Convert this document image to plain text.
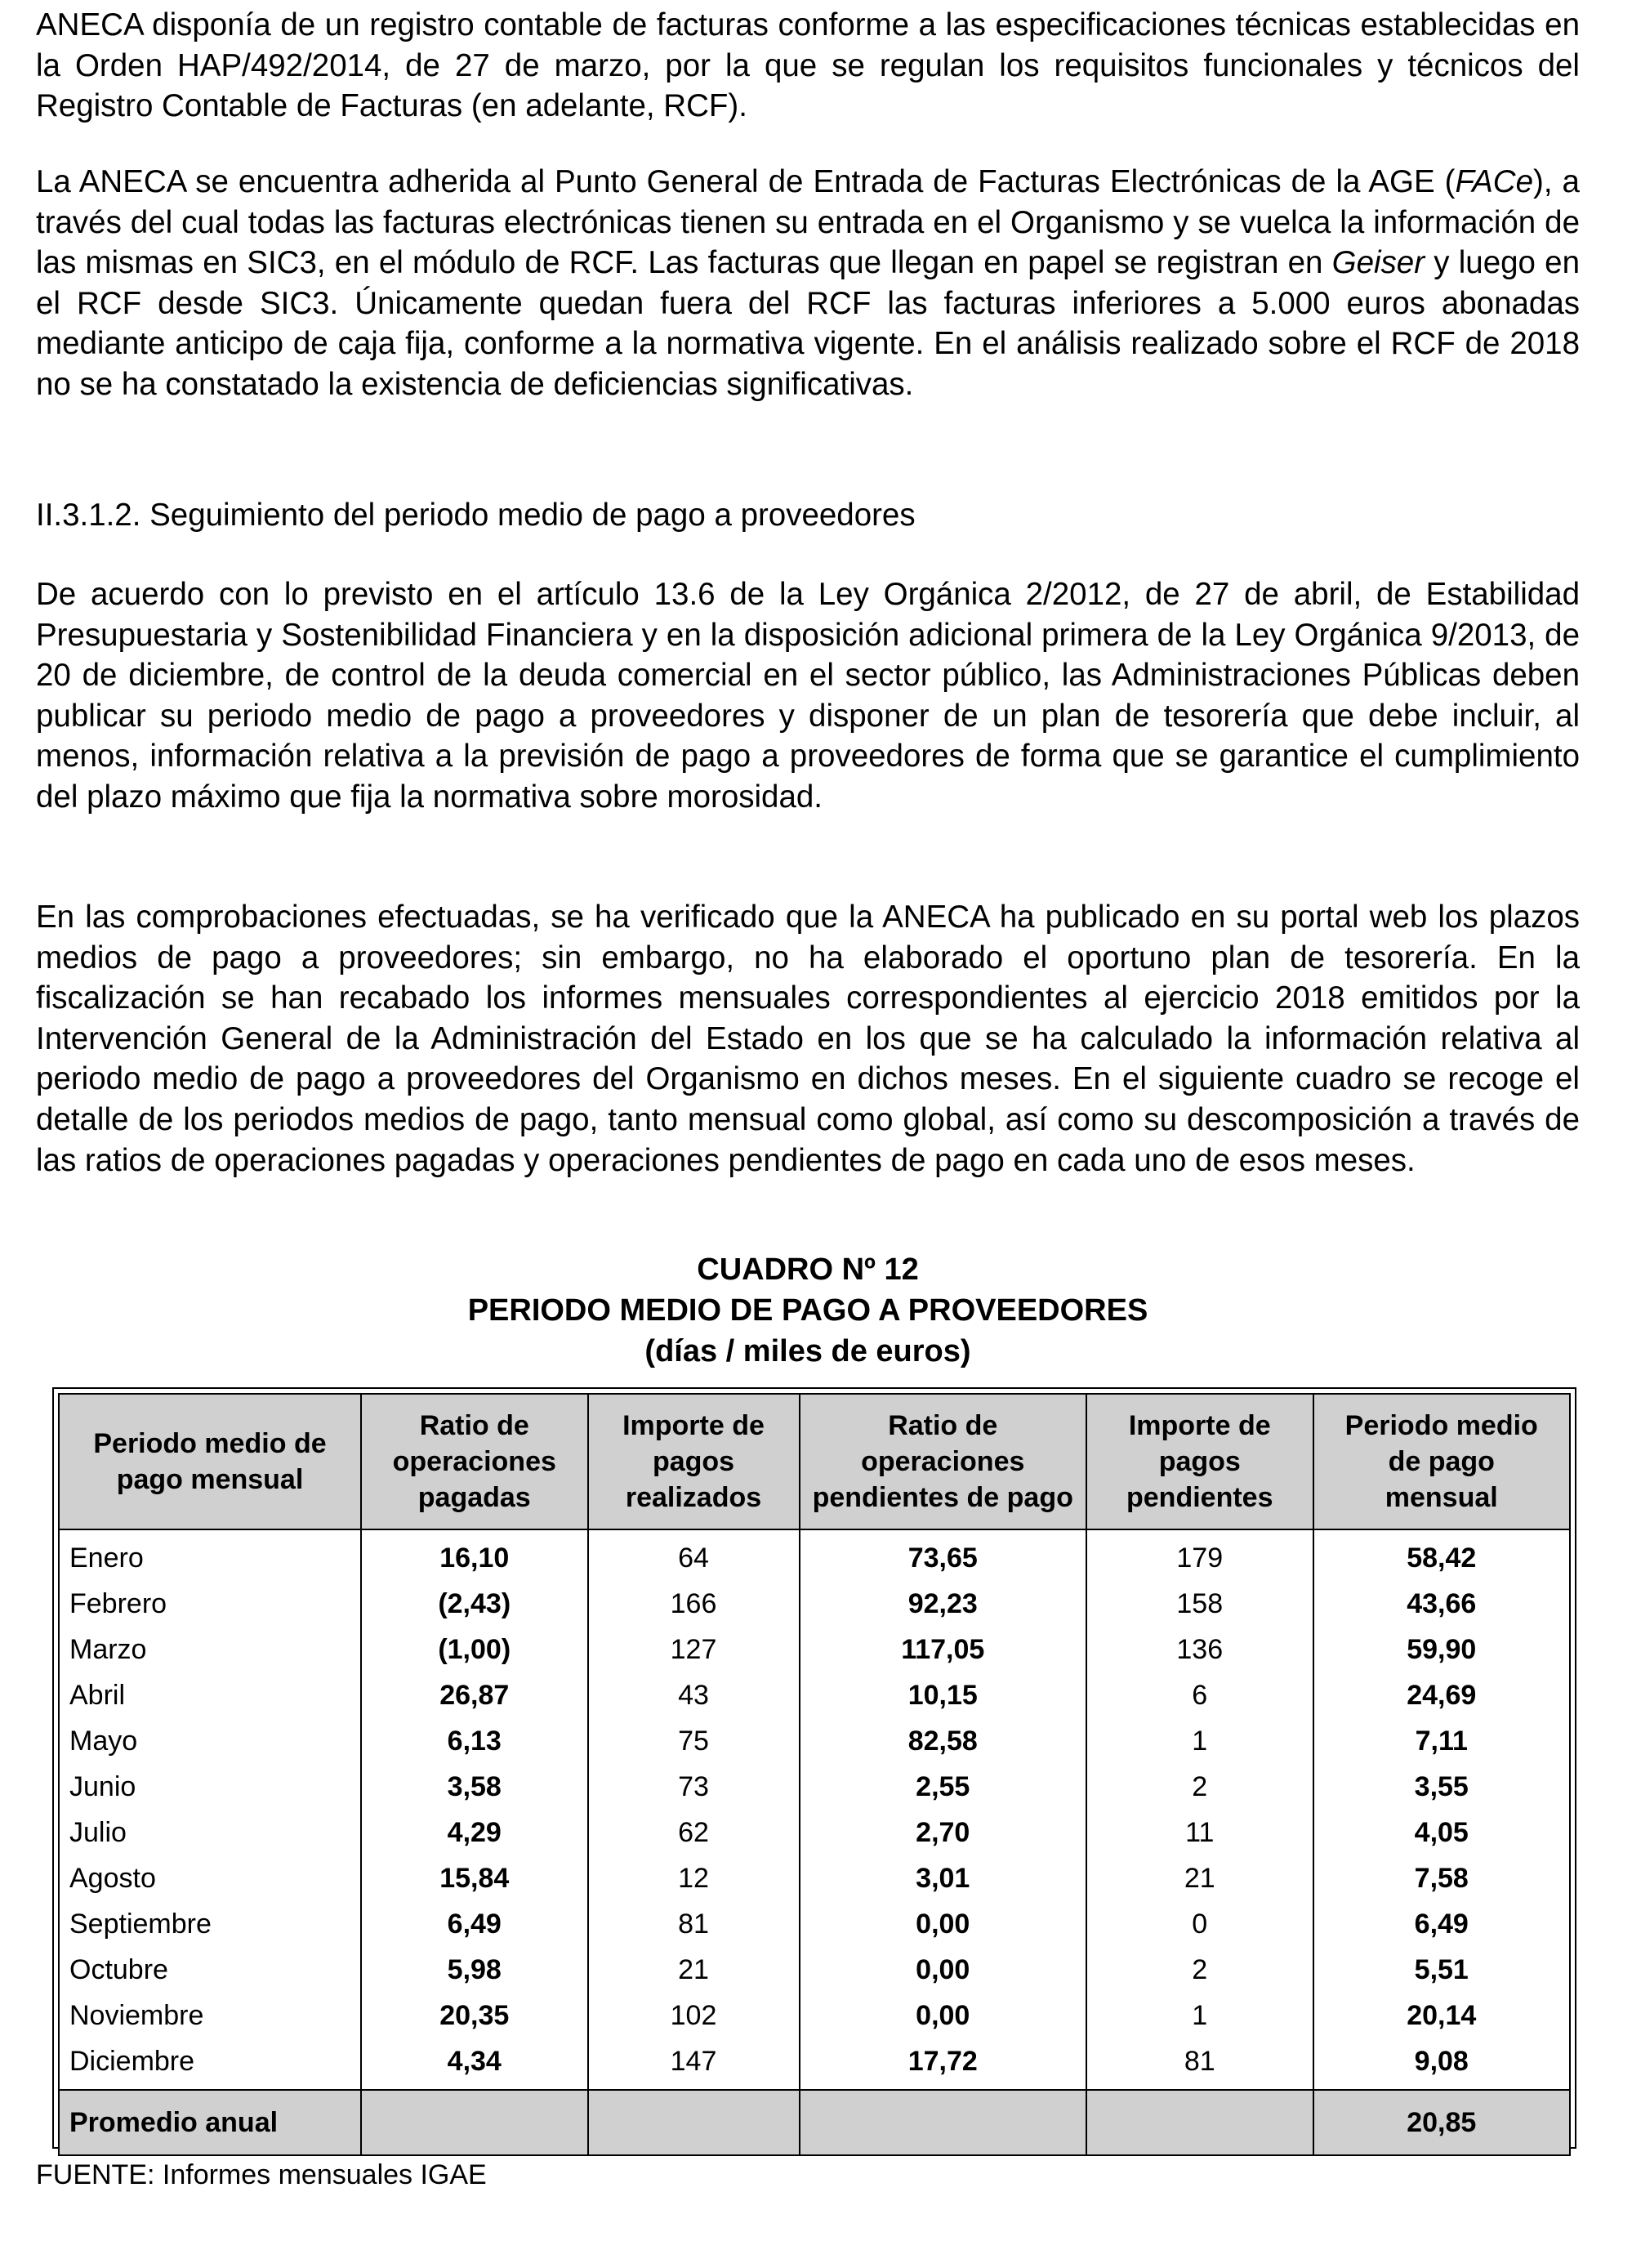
ANECA disponía de un registro contable de facturas conforme a las especificaciones técnicas establecidas en la Orden HAP/492/2014, de 27 de marzo, por la que se regulan los requisitos funcionales y técnicos del Registro Contable de Facturas (en adelante, RCF).

La ANECA se encuentra adherida al Punto General de Entrada de Facturas Electrónicas de la AGE (FACe), a través del cual todas las facturas electrónicas tienen su entrada en el Organismo y se vuelca la información de las mismas en SIC3, en el módulo de RCF. Las facturas que llegan en papel se registran en Geiser y luego en el RCF desde SIC3. Únicamente quedan fuera del RCF las facturas inferiores a 5.000 euros abonadas mediante anticipo de caja fija, conforme a la normativa vigente. En el análisis realizado sobre el RCF de 2018 no se ha constatado la existencia de deficiencias significativas.

II.3.1.2. Seguimiento del periodo medio de pago a proveedores

De acuerdo con lo previsto en el artículo 13.6 de la Ley Orgánica 2/2012, de 27 de abril, de Estabilidad Presupuestaria y Sostenibilidad Financiera y en la disposición adicional primera de la Ley Orgánica 9/2013, de 20 de diciembre, de control de la deuda comercial en el sector público, las Administraciones Públicas deben publicar su periodo medio de pago a proveedores y disponer de un plan de tesorería que debe incluir, al menos, información relativa a la previsión de pago a proveedores de forma que se garantice el cumplimiento del plazo máximo que fija la normativa sobre morosidad.

En las comprobaciones efectuadas, se ha verificado que la ANECA ha publicado en su portal web los plazos medios de pago a proveedores; sin embargo, no ha elaborado el oportuno plan de tesorería. En la fiscalización se han recabado los informes mensuales correspondientes al ejercicio 2018 emitidos por la Intervención General de la Administración del Estado en los que se ha calculado la información relativa al periodo medio de pago a proveedores del Organismo en dichos meses. En el siguiente cuadro se recoge el detalle de los periodos medios de pago, tanto mensual como global, así como su descomposición a través de las ratios de operaciones pagadas y operaciones pendientes de pago en cada uno de esos meses.

CUADRO Nº 12
PERIODO MEDIO DE PAGO A PROVEEDORES
(días / miles de euros)
Periodo medio de
pago mensual	Ratio de
operaciones
pagadas	Importe de
pagos
realizados	Ratio de
operaciones
pendientes de pago	Importe de
pagos
pendientes	Periodo medio
de pago
mensual
Enero	16,10	64	73,65	179	58,42
Febrero	(2,43)	166	92,23	158	43,66
Marzo	(1,00)	127	117,05	136	59,90
Abril	26,87	43	10,15	6	24,69
Mayo	6,13	75	82,58	1	7,11
Junio	3,58	73	2,55	2	3,55
Julio	4,29	62	2,70	11	4,05
Agosto	15,84	12	3,01	21	7,58
Septiembre	6,49	81	0,00	0	6,49
Octubre	5,98	21	0,00	2	5,51
Noviembre	20,35	102	0,00	1	20,14
Diciembre	4,34	147	17,72	81	9,08
Promedio anual					20,85
FUENTE: Informes mensuales IGAE
